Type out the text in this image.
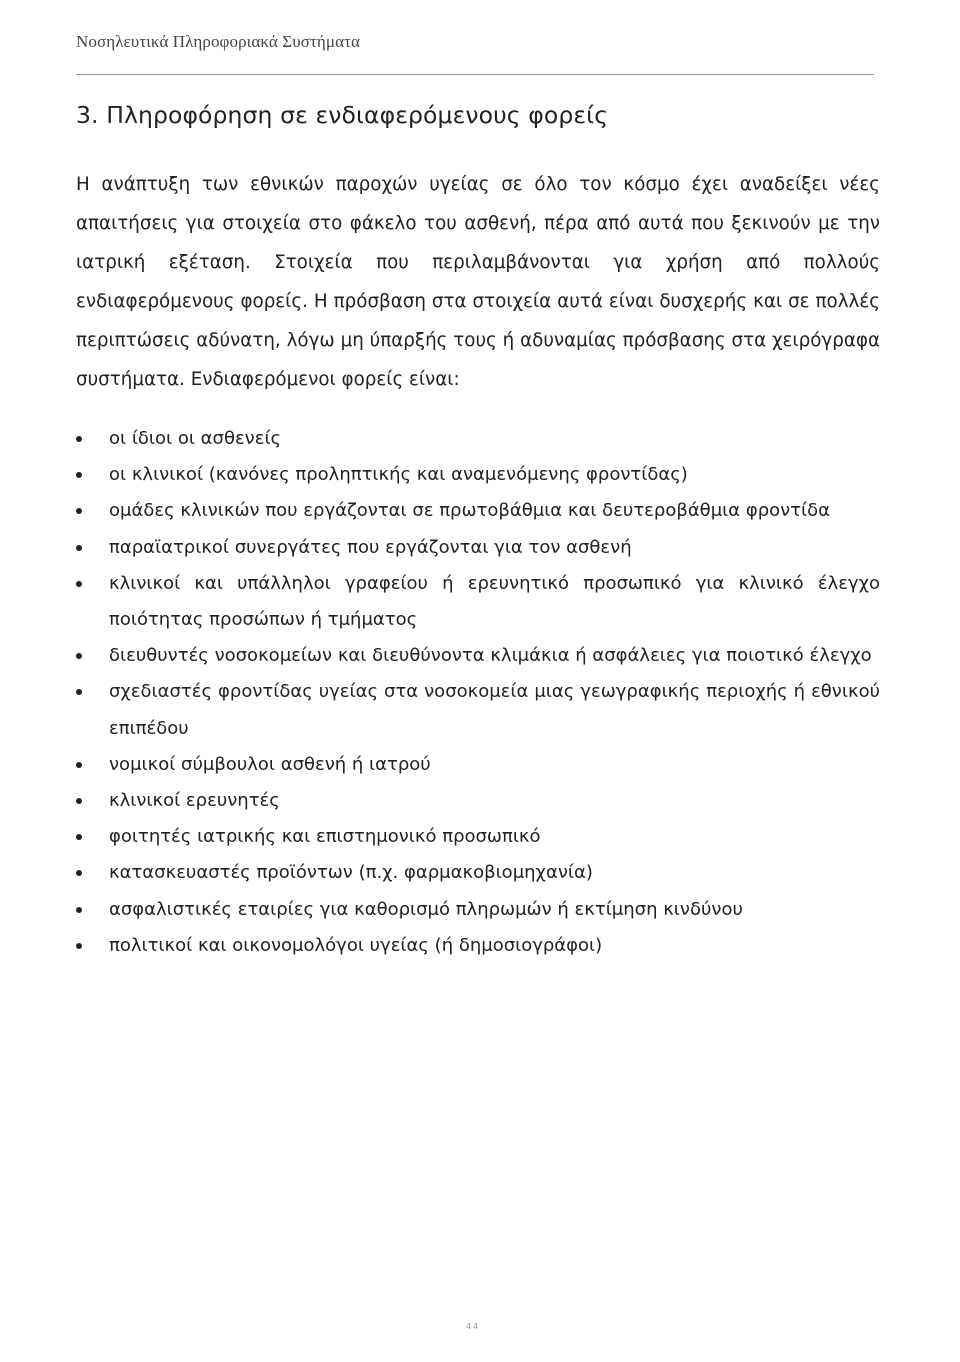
Νοσηλευτικά Πληροφοριακά Συστήματα
3. Πληροφόρηση σε ενδιαφερόμενους φορείς

Η ανάπτυξη των εθνικών παροχών υγείας σε όλο τον κόσμο έχει αναδείξει νέες απαιτήσεις για στοιχεία στο φάκελο του ασθενή, πέρα από αυτά που ξεκινούν με την ιατρική εξέταση. Στοιχεία που περιλαμβάνονται για χρήση από πολλούς ενδιαφερόμενους φορείς. Η πρόσβαση στα στοιχεία αυτά είναι δυσχερής και σε πολλές περιπτώσεις αδύνατη, λόγω μη ύπαρξής τους ή αδυναμίας πρόσβασης στα χειρόγραφα συστήματα. Ενδιαφερόμενοι φορείς είναι:

οι ίδιοι οι ασθενείς
οι κλινικοί (κανόνες προληπτικής και αναμενόμενης φροντίδας)
ομάδες κλινικών που εργάζονται σε πρωτοβάθμια και δευτεροβάθμια φροντίδα
παραϊατρικοί συνεργάτες που εργάζονται για τον ασθενή
κλινικοί και υπάλληλοι γραφείου ή ερευνητικό προσωπικό για κλινικό έλεγχο ποιότητας προσώπων ή τμήματος
διευθυντές νοσοκομείων και διευθύνοντα κλιμάκια ή ασφάλειες για ποιοτικό έλεγχο
σχεδιαστές φροντίδας υγείας στα νοσοκομεία μιας γεωγραφικής περιοχής ή εθνικού επιπέδου
νομικοί σύμβουλοι ασθενή ή ιατρού
κλινικοί ερευνητές
φοιτητές ιατρικής και επιστημονικό προσωπικό
κατασκευαστές προϊόντων (π.χ. φαρμακοβιομηχανία)
ασφαλιστικές εταιρίες για καθορισμό πληρωμών ή εκτίμηση κινδύνου
πολιτικοί και οικονομολόγοι υγείας (ή δημοσιογράφοι)
44
